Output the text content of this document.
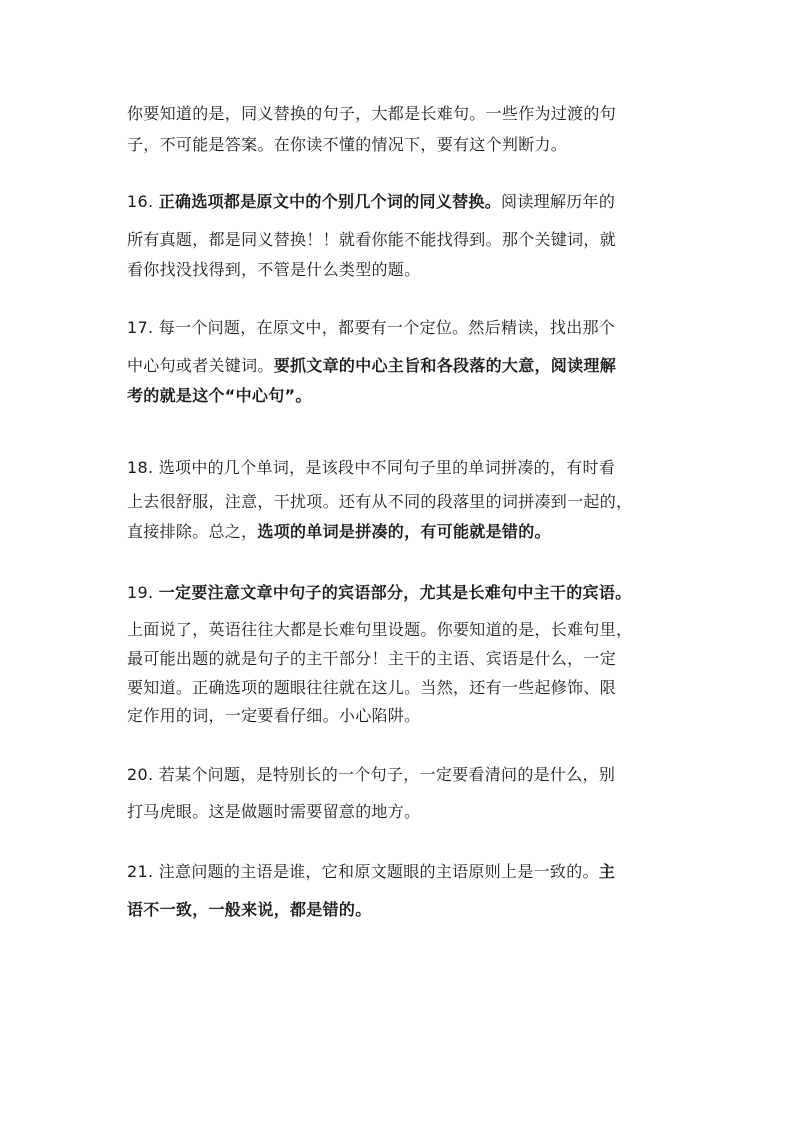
你要知道的是，同义替换的句子，大都是长难句。一些作为过渡的句
子，不可能是答案。在你读不懂的情况下，要有这个判断力。
16. 正确选项都是原文中的个别几个词的同义替换。阅读理解历年的
所有真题，都是同义替换！！就看你能不能找得到。那个关键词，就
看你找没找得到，不管是什么类型的题。
17. 每一个问题，在原文中，都要有一个定位。然后精读，找出那个
中心句或者关键词。要抓文章的中心主旨和各段落的大意，阅读理解
考的就是这个“中心句”。
18. 选项中的几个单词，是该段中不同句子里的单词拼凑的，有时看
上去很舒服，注意，干扰项。还有从不同的段落里的词拼凑到一起的，
直接排除。总之，选项的单词是拼凑的，有可能就是错的。
19. 一定要注意文章中句子的宾语部分，尤其是长难句中主干的宾语。
上面说了，英语往往大都是长难句里设题。你要知道的是，长难句里，
最可能出题的就是句子的主干部分！主干的主语、宾语是什么，一定
要知道。正确选项的题眼往往就在这儿。当然，还有一些起修饰、限
定作用的词，一定要看仔细。小心陷阱。
20. 若某个问题，是特别长的一个句子，一定要看清问的是什么，别
打马虎眼。这是做题时需要留意的地方。
21. 注意问题的主语是谁，它和原文题眼的主语原则上是一致的。主
语不一致，一般来说，都是错的。
